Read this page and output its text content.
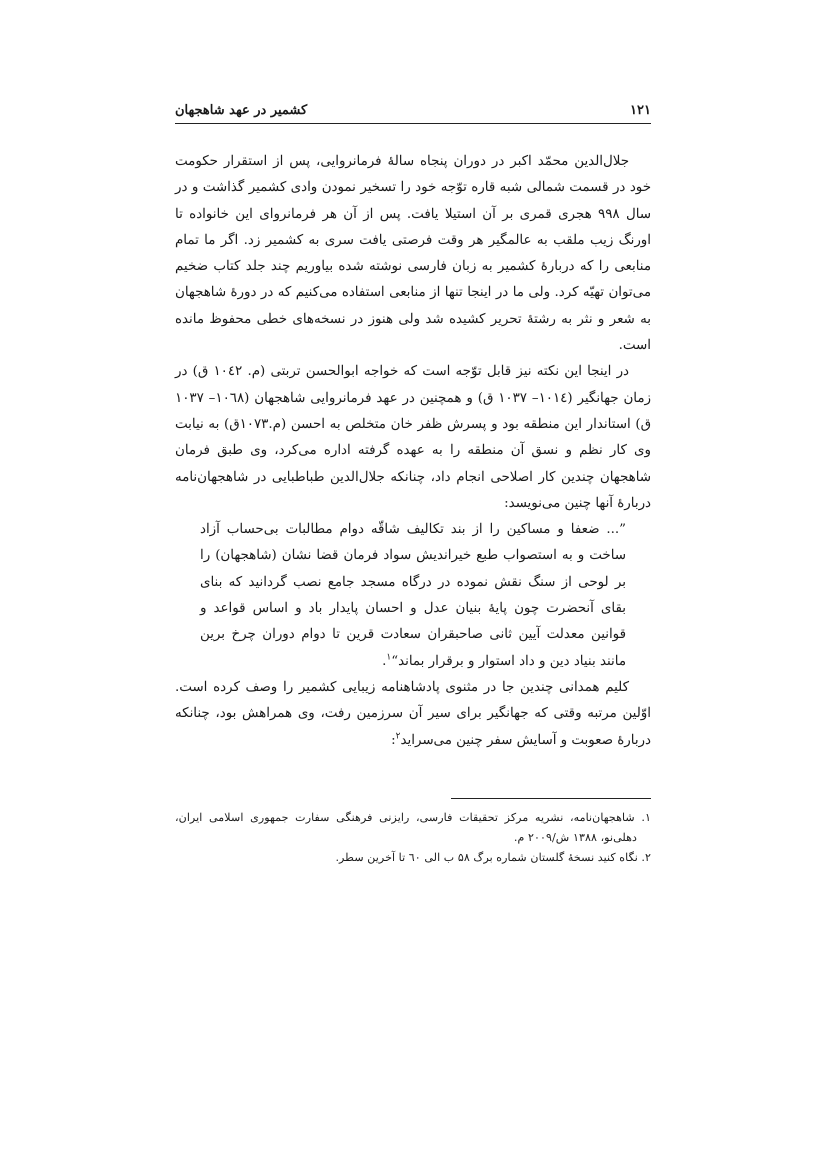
۱۲۱
کشمیر در عهد شاهجهان

جلال‌الدین محمّد اکبر در دوران پنجاه سالهٔ فرمانروایی، پس از استقرار حکومت خود در قسمت شمالی شبه قاره توّجه خود را تسخیر نمودن وادی کشمیر گذاشت و در سال ۹۹۸ هجری قمری بر آن استیلا یافت. پس از آن هر فرمانروای این خانواده تا اورنگ زیب ملقب به عالمگیر هر وقت فرصتی یافت سری به کشمیر زد. اگر ما تمام منابعی را که دربارهٔ کشمیر به زبان فارسی نوشته شده بیاوریم چند جلد کتاب ضخیم می‌توان تهیّه کرد. ولی ما در اینجا تنها از منابعی استفاده می‌کنیم که در دورهٔ شاهجهان به شعر و نثر به رشتهٔ تحریر کشیده شد ولی هنوز در نسخه‌های خطی محفوظ مانده است.

در اینجا این نکته نیز قابل توّجه است که خواجه ابوالحسن تربتی (م. ۱۰٤۲ ق) در زمان جهانگیر (۱۰۱٤– ۱۰۳۷ ق) و همچنین در عهد فرمانروایی شاهجهان (۱۰٦۸– ۱۰۳۷ ق) استاندار این منطقه بود و پسرش ظفر خان متخلص به احسن (م.۱۰۷۳ق) به نیابت وی کار نظم و نسق آن منطقه را به عهده گرفته اداره می‌کرد، وی طبق فرمان شاهجهان چندین کار اصلاحی انجام داد، چنانکه جلال‌الدین طباطبایی در شاهجهان‌نامه دربارهٔ آنها چنین می‌نویسد:

”... ضعفا و مساکین را از بند تکالیف شاقّه دوام مطالبات بی‌حساب آزاد ساخت و به استصواب طبع خیراندیش سواد فرمان قضا نشان (شاهجهان) را بر لوحی از سنگ نقش نموده در درگاه مسجد جامع نصب گردانید که بنای بقای آنحضرت چون پایهٔ بنیان عدل و احسان پایدار باد و اساس قواعد و قوانین معدلت آیین ثانی صاحبقران سعادت قرین تا دوام دوران چرخ برین مانند بنیاد دین و داد استوار و برقرار بماند“$^۱$.

کلیم همدانی چندین جا در مثنوی پادشاهنامه زیبایی کشمیر را وصف کرده است. اوّلین مرتبه وقتی که جهانگیر برای سیر آن سرزمین رفت، وی همراهش بود، چنانکه دربارهٔ صعوبت و آسایش سفر چنین می‌سراید$^۲$:

۱. شاهجهان‌نامه، نشریه مرکز تحقیقات فارسی، رایزنی فرهنگی سفارت جمهوری اسلامی ایران، دهلی‌نو، ۱۳۸۸ ش/۲۰۰۹ م.

۲. نگاه کنید نسخهٔ گلستان شماره برگ ۵۸ ب الی ٦۰ تا آخرین سطر.
